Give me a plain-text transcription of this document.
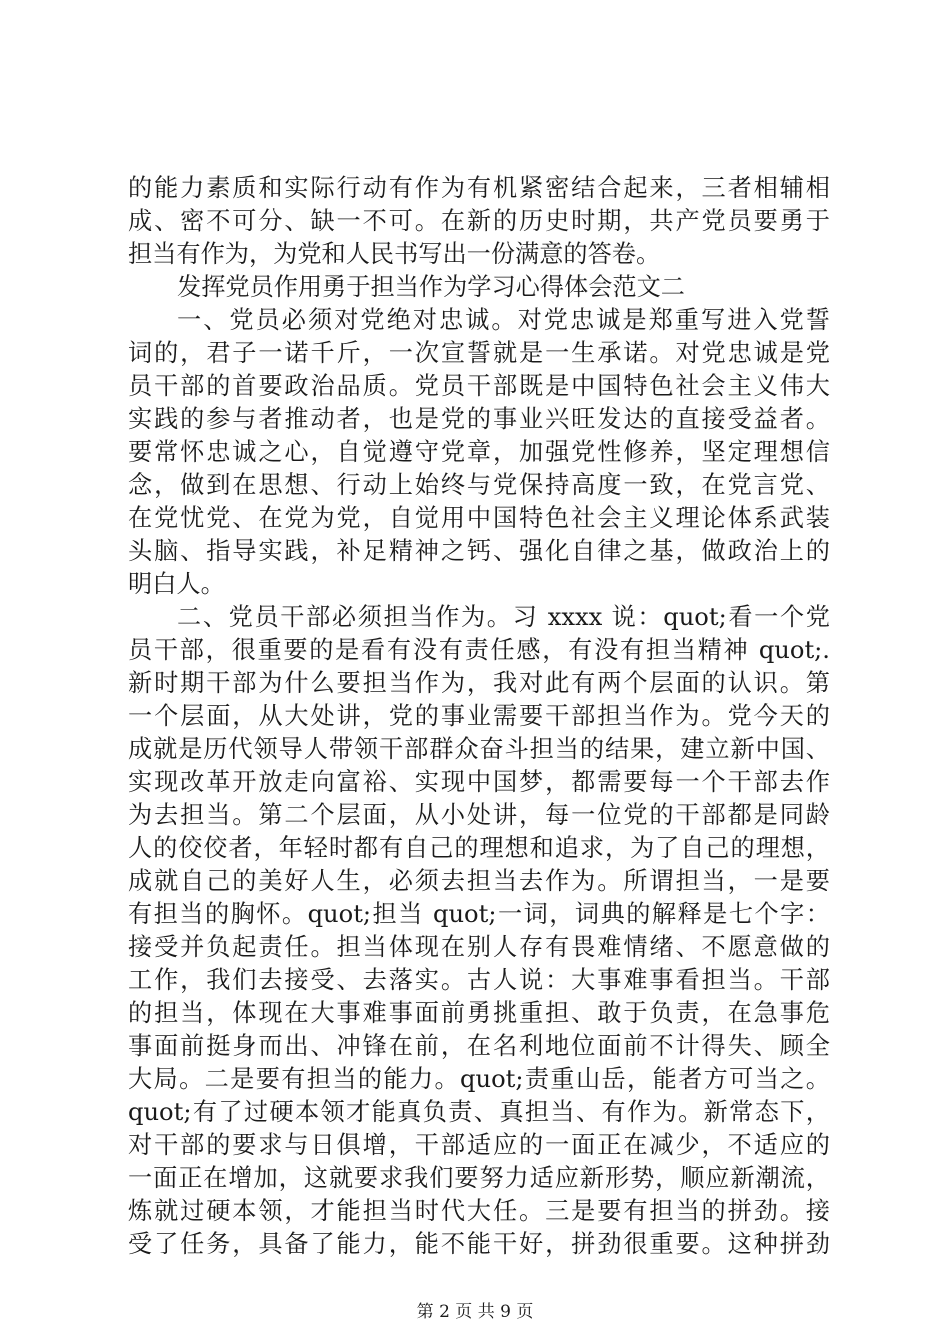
的能力素质和实际行动有作为有机紧密结合起来，三者相辅相
成、密不可分、缺一不可。在新的历史时期，共产党员要勇于
担当有作为，为党和人民书写出一份满意的答卷。
发挥党员作用勇于担当作为学习心得体会范文二
一、党员必须对党绝对忠诚。对党忠诚是郑重写进入党誓
词的，君子一诺千斤，一次宣誓就是一生承诺。对党忠诚是党
员干部的首要政治品质。党员干部既是中国特色社会主义伟大
实践的参与者推动者，也是党的事业兴旺发达的直接受益者。
要常怀忠诚之心，自觉遵守党章，加强党性修养，坚定理想信
念，做到在思想、行动上始终与党保持高度一致，在党言党、
在党忧党、在党为党，自觉用中国特色社会主义理论体系武装
头脑、指导实践，补足精神之钙、强化自律之基，做政治上的
明白人。
二、党员干部必须担当作为。习 xxxx 说：quot;看一个党
员干部，很重要的是看有没有责任感，有没有担当精神 quot;.
新时期干部为什么要担当作为，我对此有两个层面的认识。第
一个层面，从大处讲，党的事业需要干部担当作为。党今天的
成就是历代领导人带领干部群众奋斗担当的结果，建立新中国、
实现改革开放走向富裕、实现中国梦，都需要每一个干部去作
为去担当。第二个层面，从小处讲，每一位党的干部都是同龄
人的佼佼者，年轻时都有自己的理想和追求，为了自己的理想，
成就自己的美好人生，必须去担当去作为。所谓担当，一是要
有担当的胸怀。quot;担当 quot;一词，词典的解释是七个字：
接受并负起责任。担当体现在别人存有畏难情绪、不愿意做的
工作，我们去接受、去落实。古人说：大事难事看担当。干部
的担当，体现在大事难事面前勇挑重担、敢于负责，在急事危
事面前挺身而出、冲锋在前，在名利地位面前不计得失、顾全
大局。二是要有担当的能力。quot;责重山岳，能者方可当之。
quot;有了过硬本领才能真负责、真担当、有作为。新常态下，
对干部的要求与日俱增，干部适应的一面正在减少，不适应的
一面正在增加，这就要求我们要努力适应新形势，顺应新潮流，
炼就过硬本领，才能担当时代大任。三是要有担当的拼劲。接
受了任务，具备了能力，能不能干好，拼劲很重要。这种拼劲
第 2 页 共 9 页
